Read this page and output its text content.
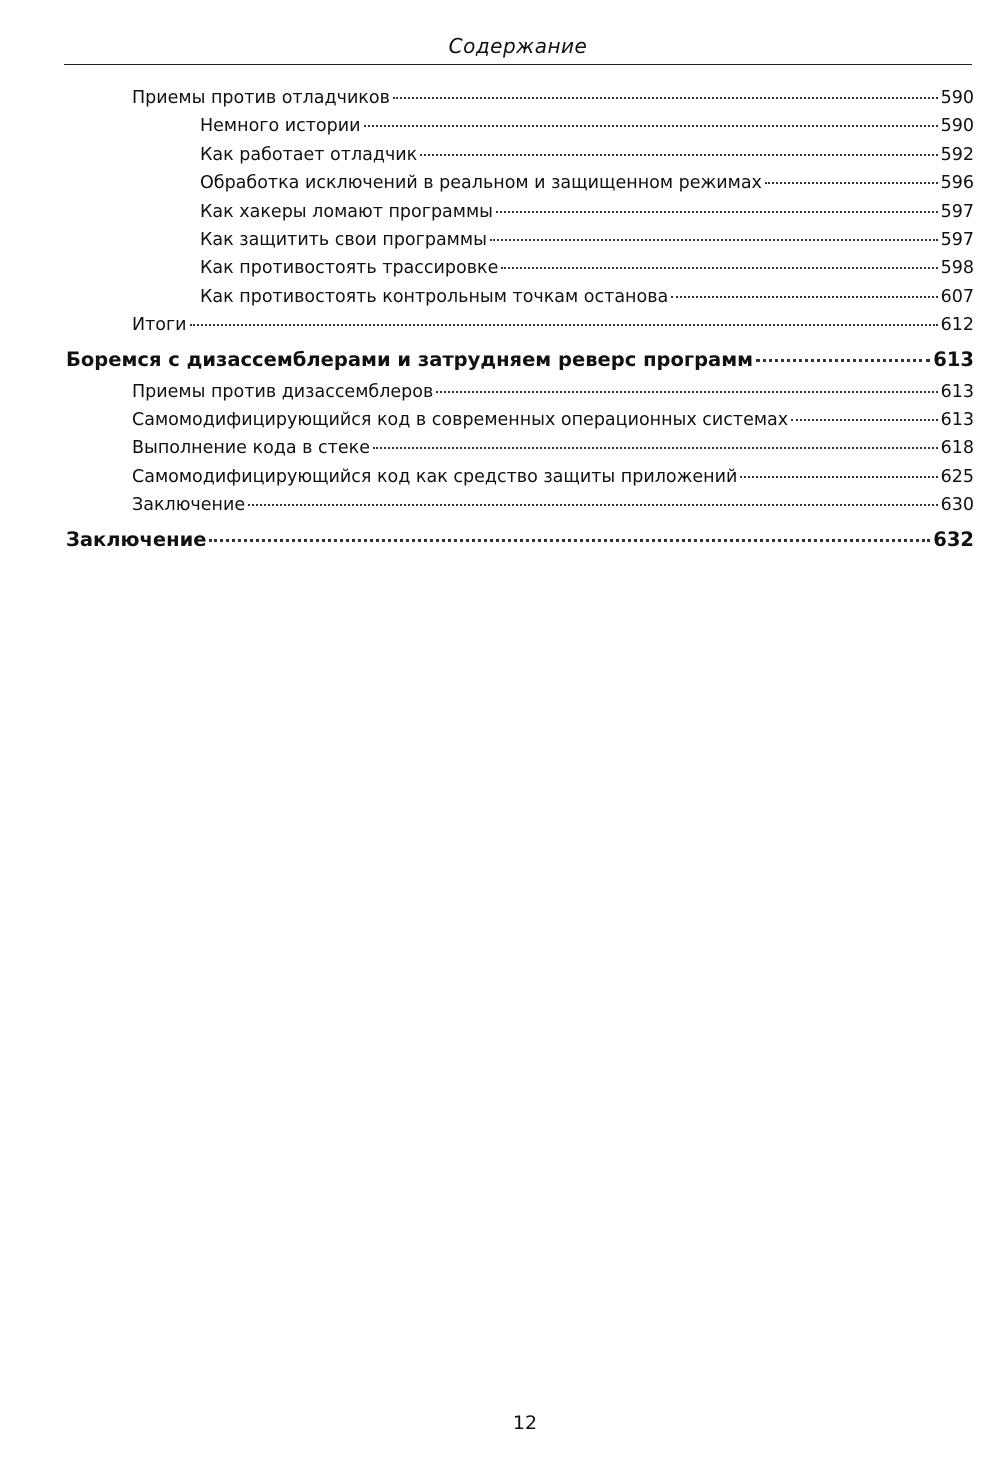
Содержание
Приемы против отладчиков	590
Немного истории	590
Как работает отладчик	592
Обработка исключений в реальном и защищенном режимах	596
Как хакеры ломают программы	597
Как защитить свои программы	597
Как противостоять трассировке	598
Как противостоять контрольным точкам останова	607
Итоги	612
Боремся с дизассемблерами и затрудняем реверс программ	613
Приемы против дизассемблеров	613
Самомодифицирующийся код в современных операционных системах	613
Выполнение кода в стеке	618
Самомодифицирующийся код как средство защиты приложений	625
Заключение	630
Заключение	632
12
